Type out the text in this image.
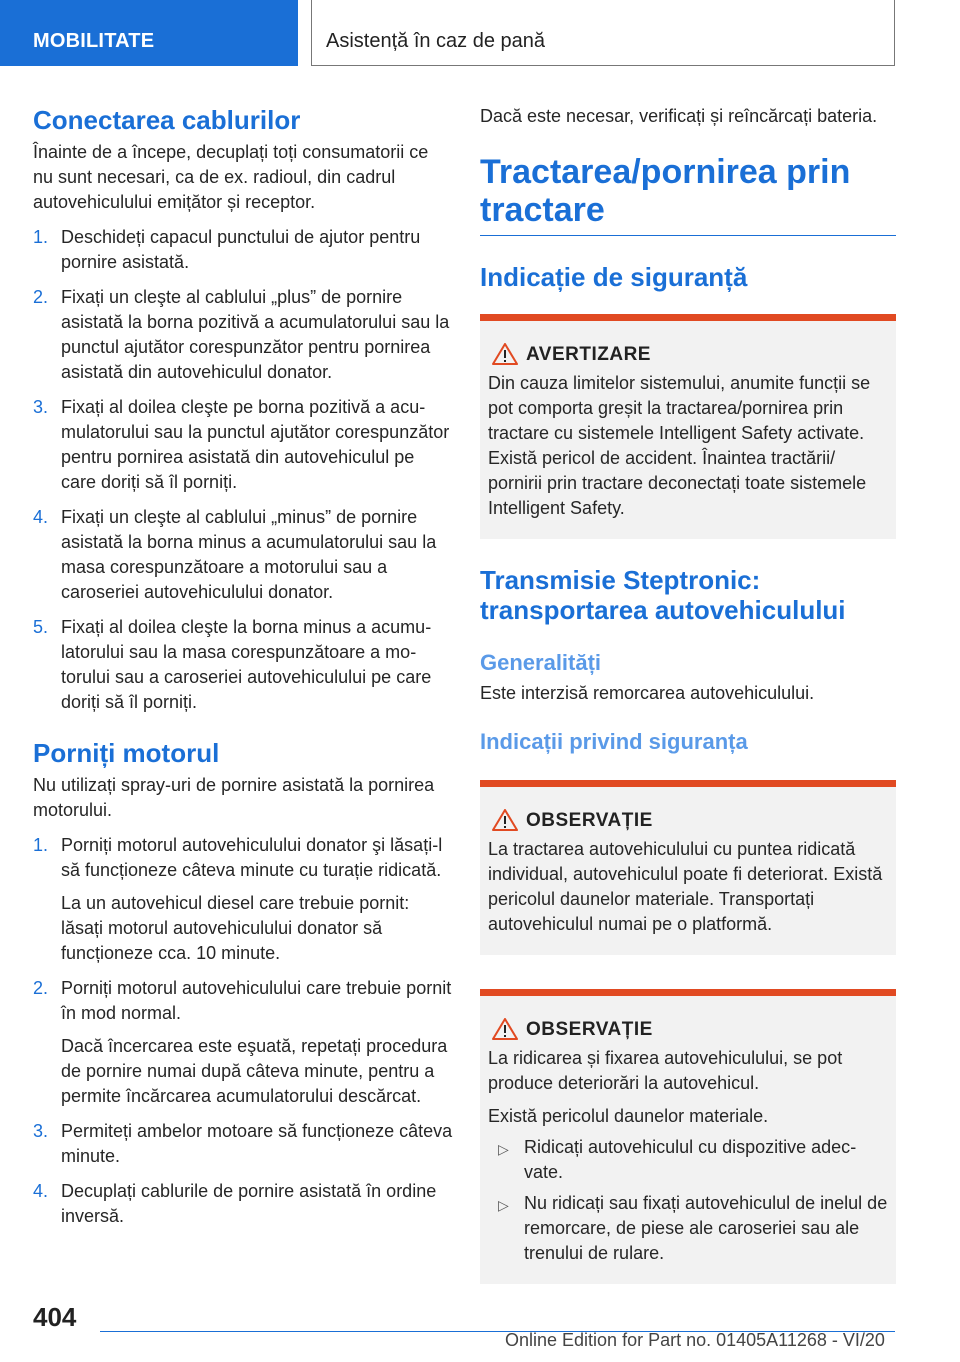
MOBILITATE	Asistență în caz de pană
Conectarea cablurilor
Înainte de a începe, decuplați toți consumatorii ce nu sunt necesari, ca de ex. radioul, din cadrul autovehiculului emițător și receptor.
1. Deschideți capacul punctului de ajutor pentru pornire asistată.
2. Fixați un cleşte al cablului „plus” de pornire asistată la borna pozitivă a acumulatorului sau la punctul ajutător corespunzător pentru pornirea asistată din autovehiculul donator.
3. Fixați al doilea cleşte pe borna pozitivă a acumulatorului sau la punctul ajutător corespunzător pentru pornirea asistată din autovehiculul pe care doriți să îl porniți.
4. Fixați un cleşte al cablului „minus” de pornire asistată la borna minus a acumulatorului sau la masa corespunzătoare a motorului sau a caroseriei autovehiculului donator.
5. Fixați al doilea cleşte la borna minus a acumulatorului sau la masa corespunzătoare a motorului sau a caroseriei autovehiculului pe care doriți să îl porniți.
Porniți motorul
Nu utilizați spray-uri de pornire asistată la pornirea motorului.
1. Porniți motorul autovehiculului donator şi lăsați-l să funcționeze câteva minute cu turație ridicată.
La un autovehicul diesel care trebuie pornit: lăsați motorul autovehiculului donator să funcționeze cca. 10 minute.
2. Porniți motorul autovehiculului care trebuie pornit în mod normal.
Dacă încercarea este eşuată, repetați procedura de pornire numai după câteva minute, pentru a permite încărcarea acumulatorului descărcat.
3. Permiteți ambelor motoare să funcționeze câteva minute.
4. Decuplați cablurile de pornire asistată în ordine inversă.
Dacă este necesar, verificați și reîncărcați bateria.
Tractarea/pornirea prin tractare
Indicație de siguranță
AVERTIZARE
Din cauza limitelor sistemului, anumite funcții se pot comporta greșit la tractarea/pornirea prin tractare cu sistemele Intelligent Safety activate. Există pericol de accident. Înaintea tractării/ pornirii prin tractare deconectați toate sistemele Intelligent Safety.
Transmisie Steptronic: transportarea autovehiculului
Generalități
Este interzisă remorcarea autovehiculului.
Indicații privind siguranța
OBSERVAȚIE
La tractarea autovehiculului cu puntea ridicată individual, autovehiculul poate fi deteriorat. Există pericolul daunelor materiale. Transportați autovehiculul numai pe o platformă.
OBSERVAȚIE
La ridicarea și fixarea autovehiculului, se pot produce deteriorări la autovehicul.
Există pericolul daunelor materiale.
▷ Ridicați autovehiculul cu dispozitive adecvate.
▷ Nu ridicați sau fixați autovehiculul de inelul de remorcare, de piese ale caroseriei sau ale trenului de rulare.
404
Online Edition for Part no. 01405A11268 - VI/20
